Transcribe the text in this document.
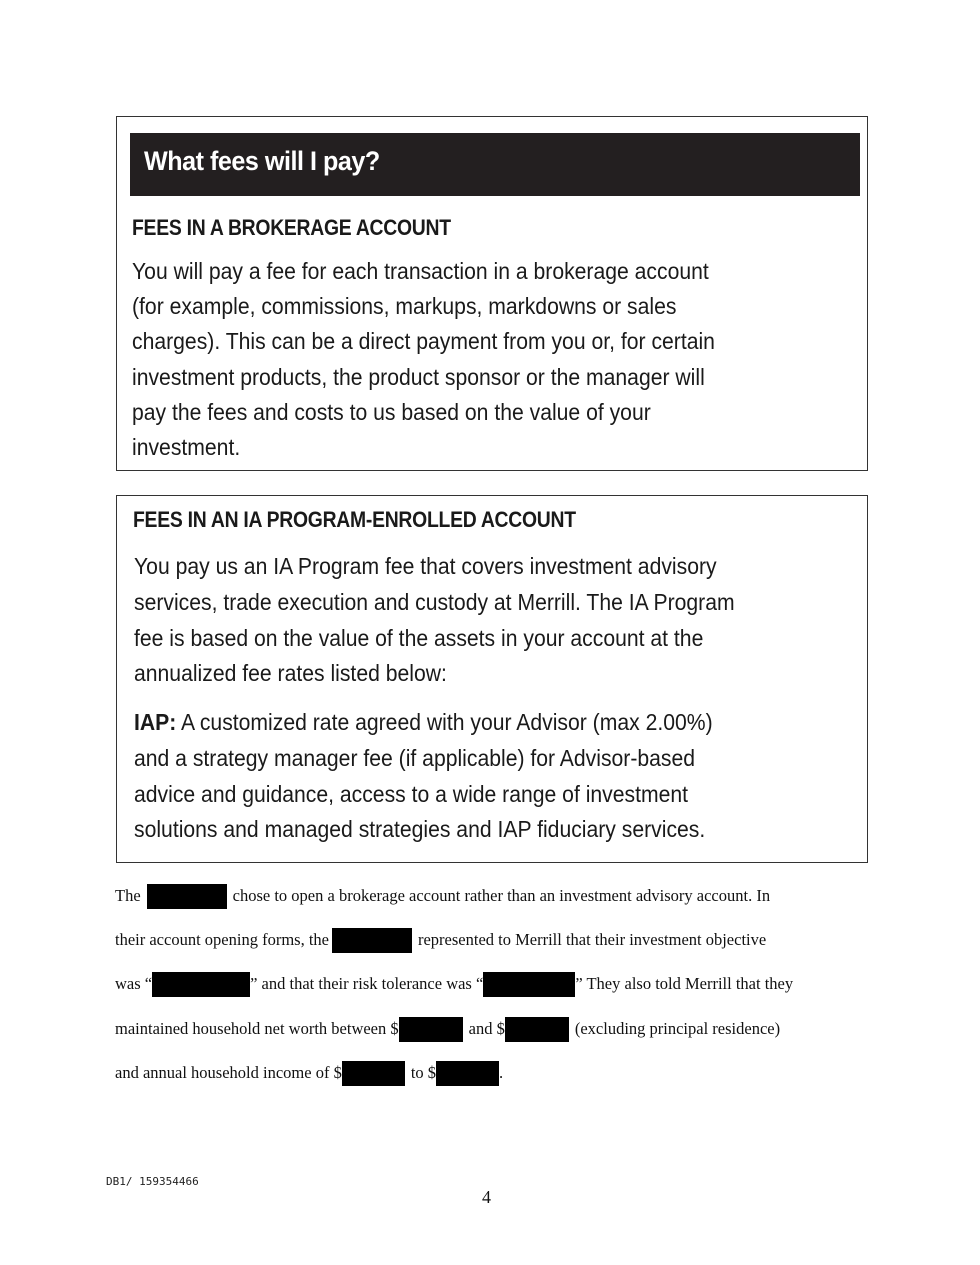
What fees will I pay?
FEES IN A BROKERAGE ACCOUNT
You will pay a fee for each transaction in a brokerage account
(for example, commissions, markups, markdowns or sales
charges). This can be a direct payment from you or, for certain
investment products, the product sponsor or the manager will
pay the fees and costs to us based on the value of your
investment.
FEES IN AN IA PROGRAM-ENROLLED ACCOUNT
You pay us an IA Program fee that covers investment advisory
services, trade execution and custody at Merrill. The IA Program
fee is based on the value of the assets in your account at the
annualized fee rates listed below:
IAP: A customized rate agreed with your Advisor (max 2.00%)
and a strategy manager fee (if applicable) for Advisor-based
advice and guidance, access to a wide range of investment
solutions and managed strategies and IAP fiduciary services.
The	chose to open a brokerage account rather than an investment advisory account. In
their account opening forms, the	represented to Merrill that their investment objective
was “	” and that their risk tolerance was “	” They also told Merrill that they
maintained household net worth between $	and $	(excluding principal residence)
and annual household income of $	to $	.
DB1/ 159354466
4
